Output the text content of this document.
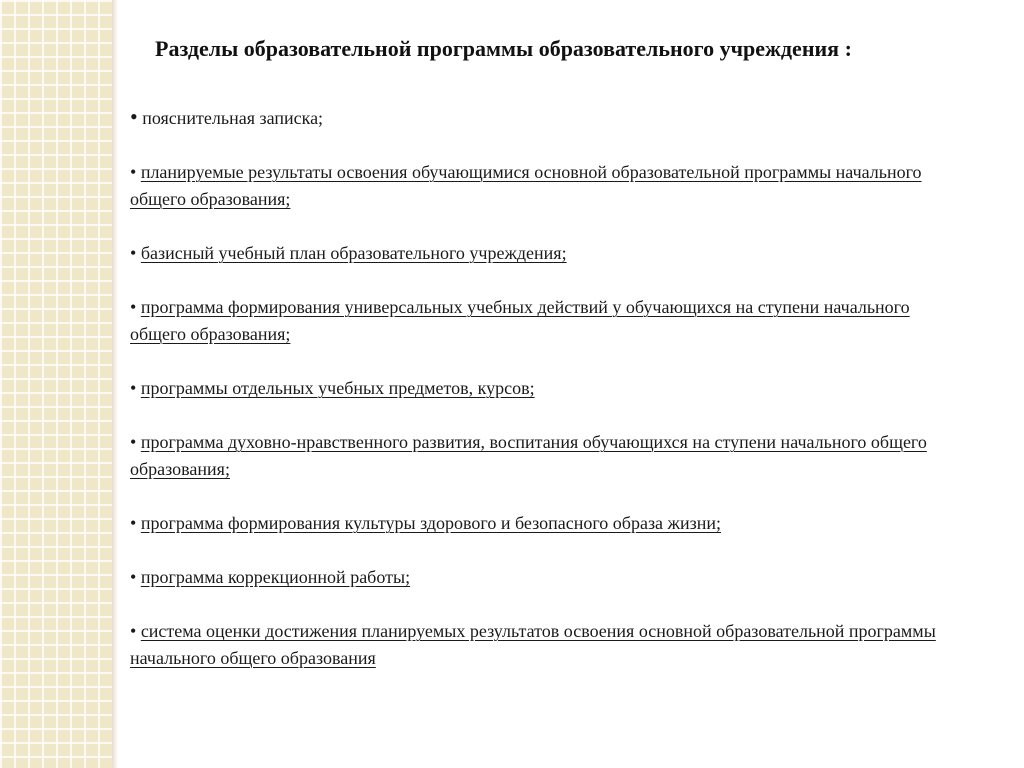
Разделы образовательной программы образовательного учреждения :
• пояснительная записка;
• планируемые результаты освоения обучающимися основной образовательной программы начального общего образования;
• базисный учебный план образовательного учреждения;
• программа формирования универсальных учебных действий у обучающихся на ступени начального общего образования;
• программы отдельных учебных предметов, курсов;
• программа духовно-нравственного развития, воспитания обучающихся на ступени начального общего образования;
• программа формирования культуры здорового и безопасного образа жизни;
• программа коррекционной работы;
• система оценки достижения планируемых результатов освоения основной образовательной программы начального общего образования
